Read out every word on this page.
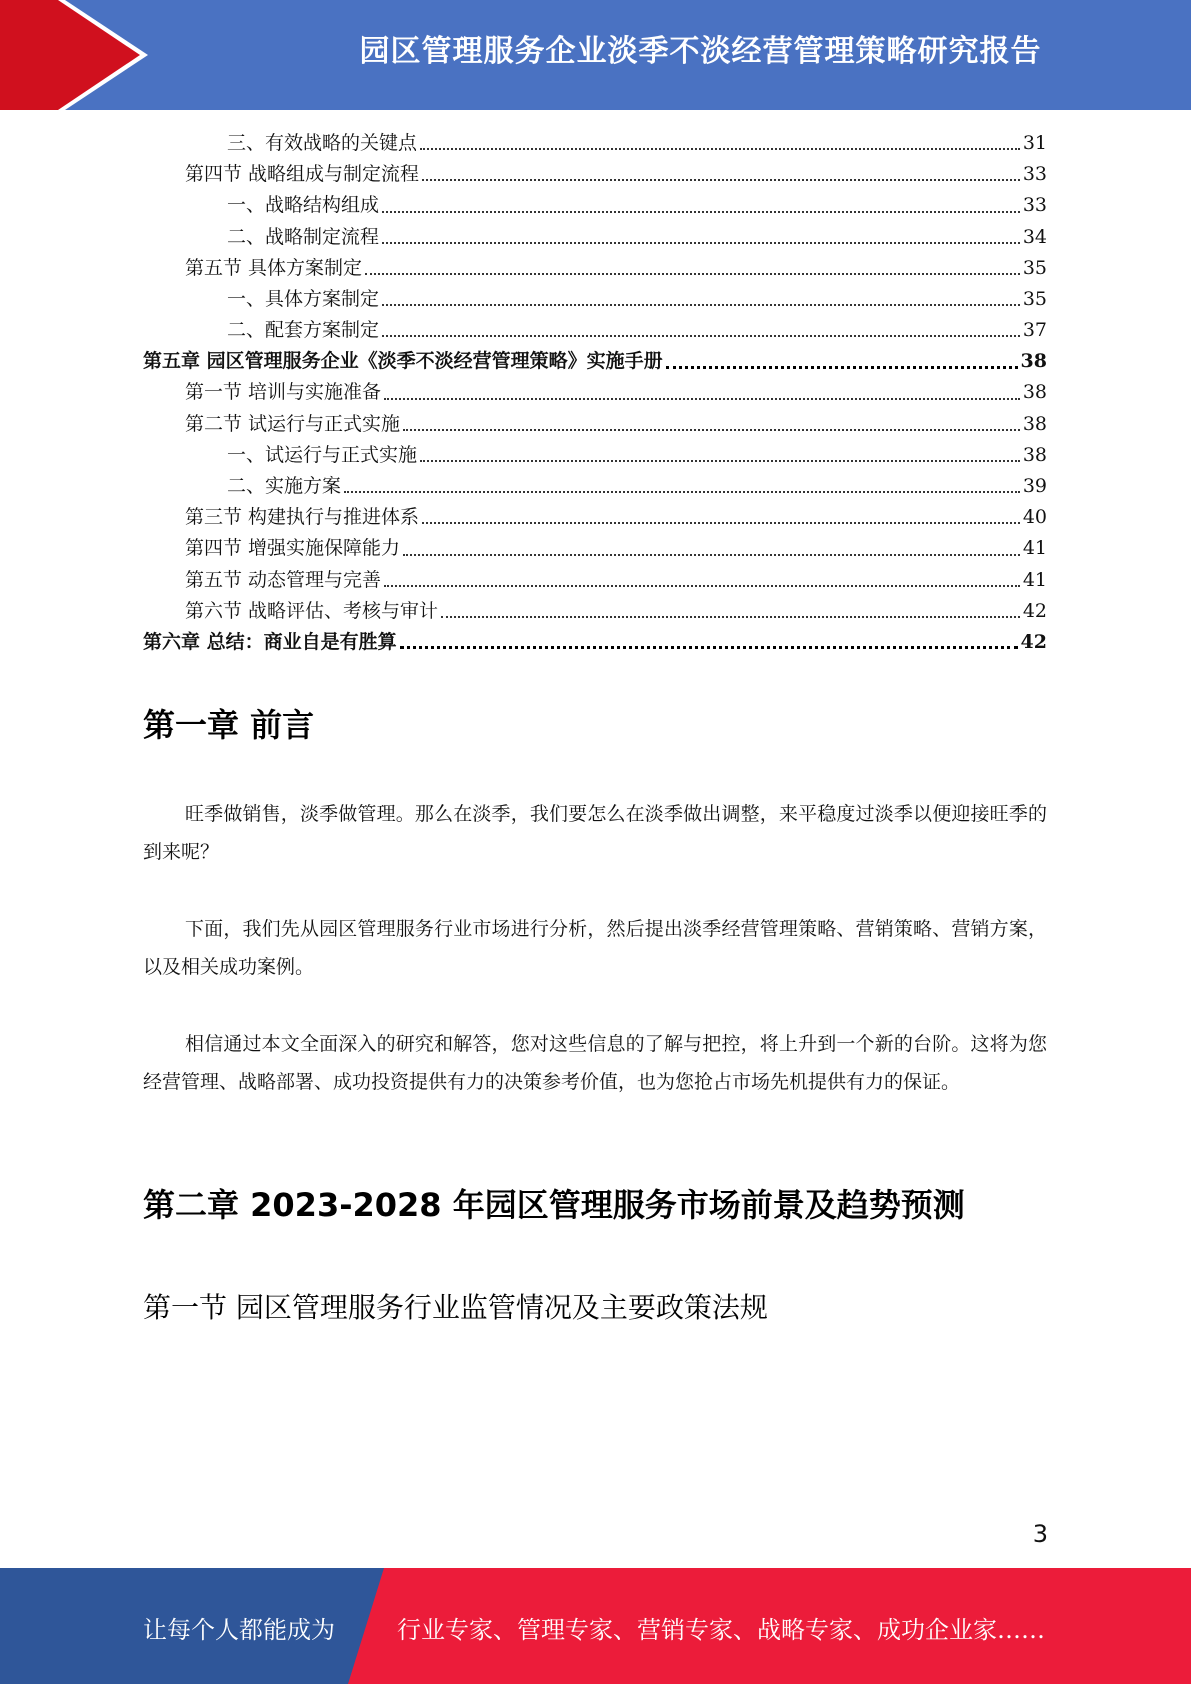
园区管理服务企业淡季不淡经营管理策略研究报告
三、有效战略的关键点	31
第四节 战略组成与制定流程	33
一、战略结构组成	33
二、战略制定流程	34
第五节 具体方案制定	35
一、具体方案制定	35
二、配套方案制定	37
第五章 园区管理服务企业《淡季不淡经营管理策略》实施手册	38
第一节 培训与实施准备	38
第二节 试运行与正式实施	38
一、试运行与正式实施	38
二、实施方案	39
第三节 构建执行与推进体系	40
第四节 增强实施保障能力	41
第五节 动态管理与完善	41
第六节 战略评估、考核与审计	42
第六章 总结：商业自是有胜算	42
第一章 前言

旺季做销售，淡季做管理。那么在淡季，我们要怎么在淡季做出调整，来平稳度过淡季以便迎接旺季的到来呢？

下面，我们先从园区管理服务行业市场进行分析，然后提出淡季经营管理策略、营销策略、营销方案，以及相关成功案例。

相信通过本文全面深入的研究和解答，您对这些信息的了解与把控，将上升到一个新的台阶。这将为您经营管理、战略部署、成功投资提供有力的决策参考价值，也为您抢占市场先机提供有力的保证。

第二章 2023-2028 年园区管理服务市场前景及趋势预测
第一节 园区管理服务行业监管情况及主要政策法规
3
让每个人都能成为	行业专家、管理专家、营销专家、战略专家、成功企业家……
